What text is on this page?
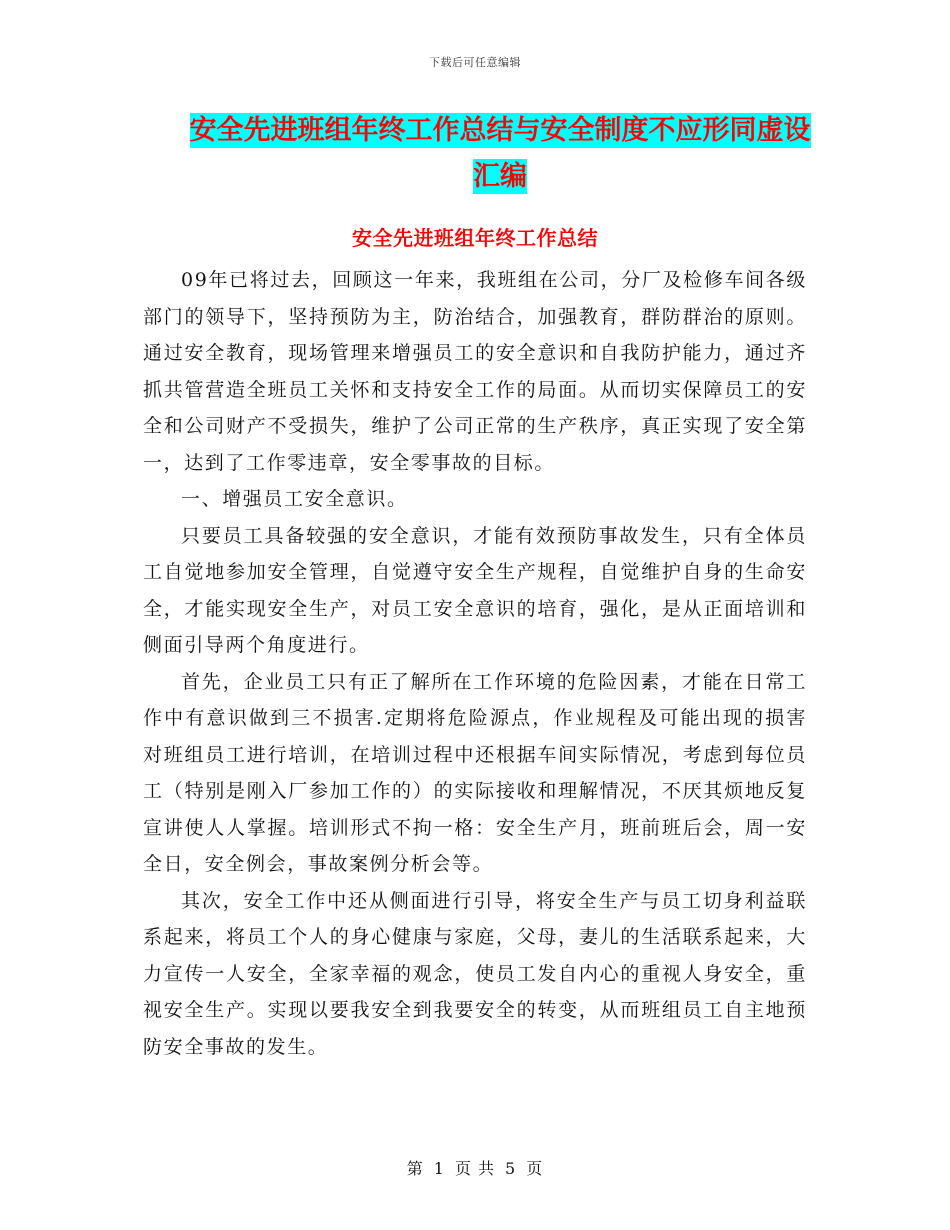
下载后可任意编辑
安全先进班组年终工作总结与安全制度不应形同虚设汇编
安全先进班组年终工作总结

09年已将过去，回顾这一年来，我班组在公司，分厂及检修车间各级部门的领导下，坚持预防为主，防治结合，加强教育，群防群治的原则。通过安全教育，现场管理来增强员工的安全意识和自我防护能力，通过齐抓共管营造全班员工关怀和支持安全工作的局面。从而切实保障员工的安全和公司财产不受损失，维护了公司正常的生产秩序，真正实现了安全第一，达到了工作零违章，安全零事故的目标。

一、增强员工安全意识。

只要员工具备较强的安全意识，才能有效预防事故发生，只有全体员工自觉地参加安全管理，自觉遵守安全生产规程，自觉维护自身的生命安全，才能实现安全生产，对员工安全意识的培育，强化，是从正面培训和侧面引导两个角度进行。

首先，企业员工只有正了解所在工作环境的危险因素，才能在日常工作中有意识做到三不损害.定期将危险源点，作业规程及可能出现的损害对班组员工进行培训，在培训过程中还根据车间实际情况，考虑到每位员工（特别是刚入厂参加工作的）的实际接收和理解情况，不厌其烦地反复宣讲使人人掌握。培训形式不拘一格：安全生产月，班前班后会，周一安全日，安全例会，事故案例分析会等。

其次，安全工作中还从侧面进行引导，将安全生产与员工切身利益联系起来，将员工个人的身心健康与家庭，父母，妻儿的生活联系起来，大力宣传一人安全，全家幸福的观念，使员工发自内心的重视人身安全，重视安全生产。实现以要我安全到我要安全的转变，从而班组员工自主地预防安全事故的发生。

第 1 页 共 5 页
